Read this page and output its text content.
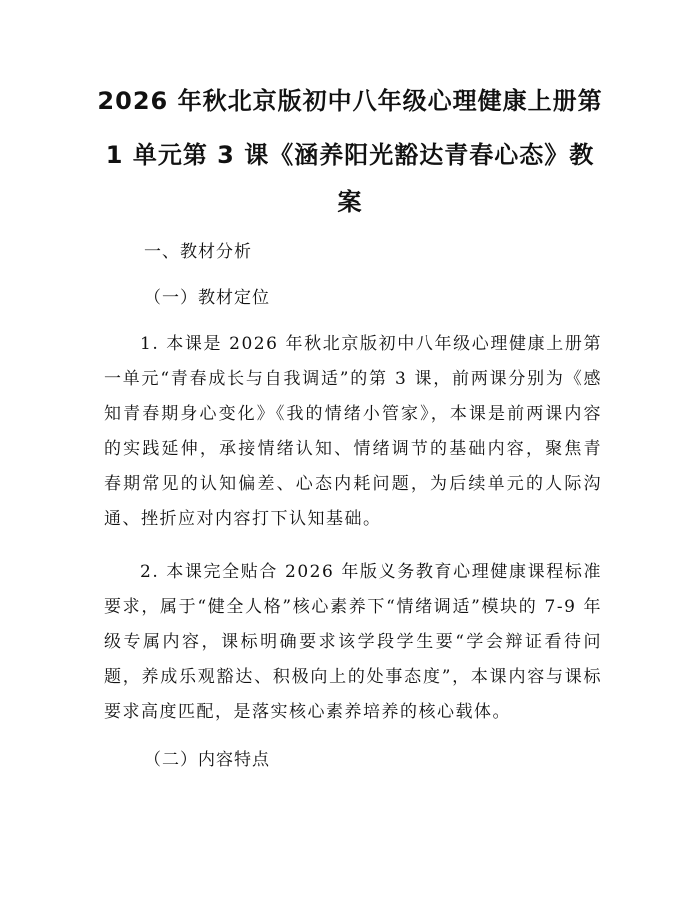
2026 年秋北京版初中八年级心理健康上册第

1 单元第 3 课《涵养阳光豁达青春心态》教

案

一、教材分析

（一）教材定位

1. 本课是 2026 年秋北京版初中八年级心理健康上册第一单元“青春成长与自我调适”的第 3 课，前两课分别为《感知青春期身心变化》《我的情绪小管家》，本课是前两课内容的实践延伸，承接情绪认知、情绪调节的基础内容，聚焦青春期常见的认知偏差、心态内耗问题，为后续单元的人际沟通、挫折应对内容打下认知基础。

2. 本课完全贴合 2026 年版义务教育心理健康课程标准要求，属于“健全人格”核心素养下“情绪调适”模块的 7-9 年级专属内容，课标明确要求该学段学生要“学会辩证看待问题，养成乐观豁达、积极向上的处事态度”，本课内容与课标要求高度匹配，是落实核心素养培养的核心载体。

（二）内容特点
